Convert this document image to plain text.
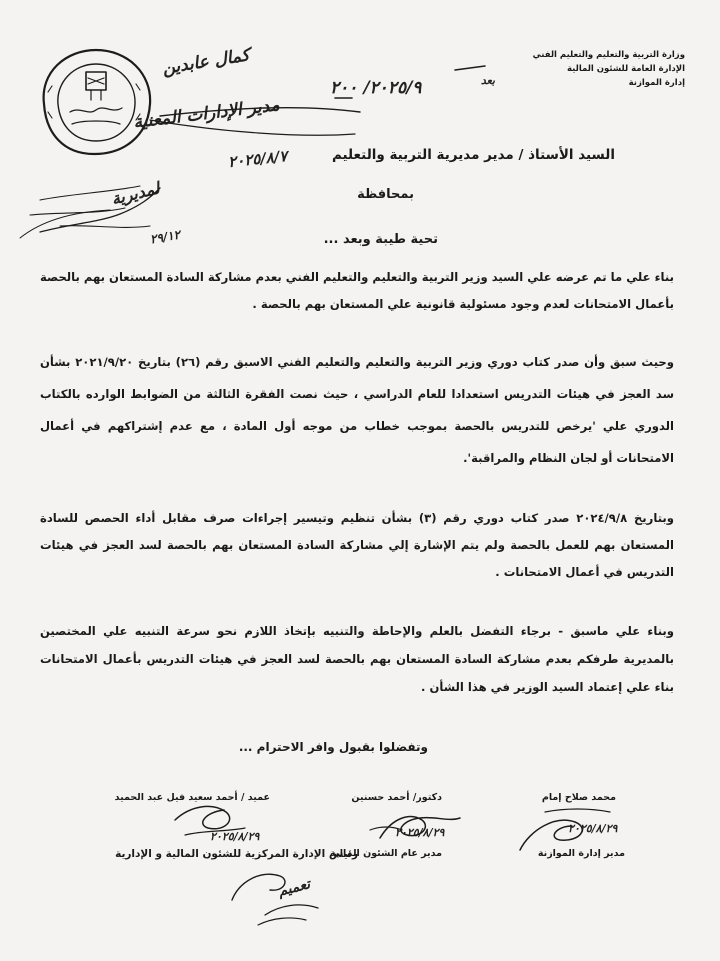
وزارة التربية والتعليم والتعليم الفني
الإدارة العامة للشئون المالية
إدارة الموازنة
كمال عابدين
مدير الإدارات المعنية
٢٠٢٥/٩/ ٢٠٠	بعد
٢٠٢٥/٨/٧
لمديرية
٢٩/١٢
السيد الأستاذ / مدير مديرية التربية والتعليم
بمحافظة
تحية طيبة وبعد ...
بناء علي ما تم عرضه علي السيد وزير التربية والتعليم والتعليم الفني بعدم مشاركة السادة المستعان بهم بالحصة بأعمال الامتحانات لعدم وجود مسئولية قانونية علي المستعان بهم بالحصة .
وحيث سبق وأن صدر كتاب دوري وزير التربية والتعليم والتعليم الفني الاسبق رقم (٢٦) بتاريخ ٢٠٢١/٩/٢٠ بشأن سد العجز في هيئات التدريس استعدادا للعام الدراسي ، حيث نصت الفقرة الثالثة من الضوابط الوارده بالكتاب الدوري علي 'يرخص للتدريس بالحصة بموجب خطاب من موجه أول المادة ، مع عدم إشتراكهم في أعمال الامتحانات أو لجان النظام والمراقبة'.
وبتاريخ ٢٠٢٤/٩/٨ صدر كتاب دوري رقم (٣) بشأن تنظيم وتيسير إجراءات صرف مقابل أداء الحصص للسادة المستعان بهم للعمل بالحصة ولم يتم الإشارة إلي مشاركة السادة المستعان بهم بالحصة لسد العجز في هيئات التدريس في أعمال الامتحانات .
وبناء علي ماسبق - برجاء التفضل بالعلم والإحاطة والتنبيه بإتخاذ اللازم نحو سرعة التنبيه علي المختصين بالمديرية طرفكم بعدم مشاركة السادة المستعان بهم بالحصة لسد العجز في هيئات التدريس بأعمال الامتحانات بناء علي إعتماد السيد الوزير في هذا الشأن .
وتفضلوا بقبول وافر الاحترام ...
محمد صلاح إمام
دكتور/ أحمد حسنين
عميد / أحمد سعيد فيل عبد الحميد
مدير إدارة الموازنة
مدير عام الشئون المالية
رئيس الإدارة المركزية للشئون المالية و الإدارية
٢٠٢٥/٨/٢٩
٢٠٢٥/٨/٢٩
٢٠٢٥/٨/٢٩
تعميم
